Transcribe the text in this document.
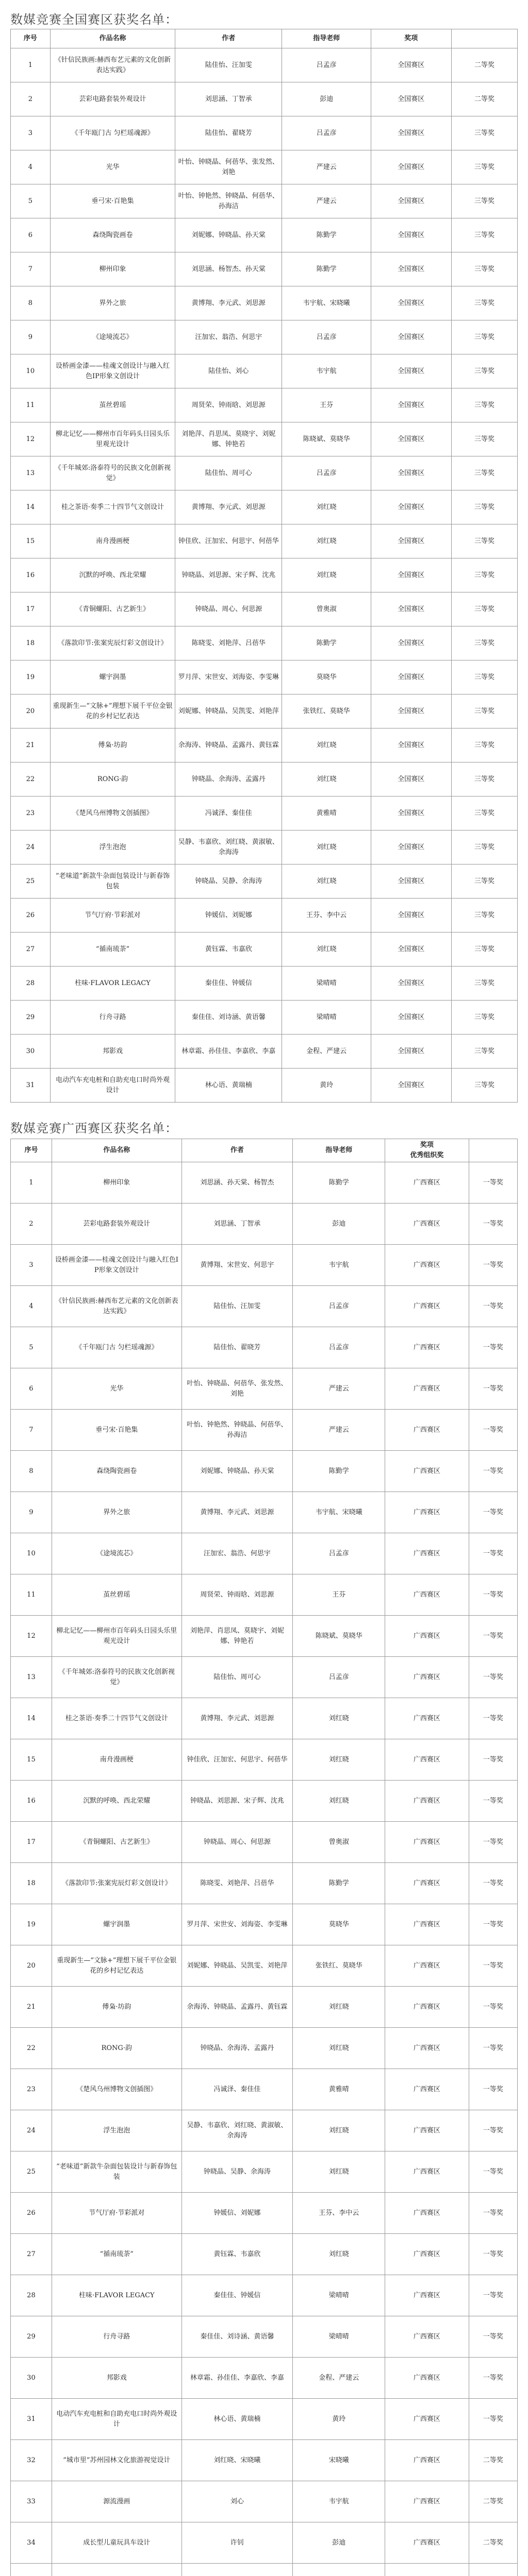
数媒竞赛全国赛区获奖名单：
序号	作品名称	作者	指导老师	奖项	
1	《针信民族画:赫西布艺元素的文化创新表达实践》	陆佳怡、汪加雯	吕孟彦	全国赛区	二等奖
2	芸彩电路套装外观设计	刘思涵、丁智承	彭迪	全国赛区	二等奖
3	《千年瓯门古 匀栏瑶魂源》	陆佳怡、翟晓芳	吕孟彦	全国赛区	三等奖
4	光华	叶怡、钟晓晶、何蓓华、张发然、刘艳	严建云	全国赛区	三等奖
5	垂弓宋·百艳集	叶怡、钟艳然、钟晓晶、何蓓华、孙海洁	严建云	全国赛区	三等奖
6	森绕陶瓷画卷	刘妮娜、钟晓晶、孙天棠	陈勤学	全国赛区	三等奖
7	柳州印象	刘思涵、杨智杰、孙天棠	陈勤学	全国赛区	三等奖
8	界外之旅	黄博翔、李元武、刘思源	韦宇航、宋晓曦	全国赛区	三等奖
9	《途境流芯》	汪加宏、翁浩、何思宇	吕孟彦	全国赛区	三等奖
10	设桥画金漆——桂魂文创设计与融入红色IP形象文创设计	陆佳怡、刘心	韦宇航	全国赛区	三等奖
11	茧丝碧瑶	周贤荣、钟雨晗、刘思源	王芬	全国赛区	三等奖
12	柳北记忆——柳州市百年码头日园头乐里观光设计	刘艳萍、肖思凤、莫晓宇、刘妮娜、钟艳若	陈晓斌、莫晓华	全国赛区	三等奖
13	《千年城郊:洛泰符号的民族文化创新视觉》	陆佳怡、周可心	吕孟彦	全国赛区	三等奖
14	桂之茶语·奏季二十四节气文创设计	黄博翔、李元武、刘思源	刘红晓	全国赛区	三等奖
15	南舟漫画梗	钟佳欣、汪加宏、何思宇、何蓓华	刘红晓	全国赛区	三等奖
16	沉默的呼唤、西北荣耀	钟晓晶、刘思源、宋子辉、沈兆	刘红晓	全国赛区	三等奖
17	《青铜螺阳、古艺新生》	钟晓晶、周心、何思源	曾奥淑	全国赛区	三等奖
18	《落款印节:张案宪辰灯彩文创设计》	陈晓雯、刘艳萍、吕蓓华	陈勤学	全国赛区	三等奖
19	螺宇润墨	罗月萍、宋世安、刘海姿、李雯琳	莫晓华	全国赛区	三等奖
20	重现新生—“文脉+”理想下展千平位金银花的乡村记忆表达	刘妮娜、钟晓晶、吴凯雯、刘艳萍	张铁红、莫晓华	全国赛区	三等奖
21	傅枭·坊韵	余海涛、钟晓晶、孟露丹、黄钰霖	刘红晓	全国赛区	三等奖
22	RONG·韵	钟晓晶、余海涛、孟露丹	刘红晓	全国赛区	三等奖
23	《楚风乌州博物文创插图》	冯诚泽、秦佳佳	黄雅晴	全国赛区	三等奖
24	浮生泡泡	吴静、韦嘉欣、刘红晓、黄淑敏、余海涛	刘红晓	全国赛区	三等奖
25	“老味道”新款牛杂面包装设计与新春饰包装	钟晓晶、吴静、余海涛	刘红晓	全国赛区	三等奖
26	节气厅府·节彩派对	钟媛信、刘妮娜	王芬、李中云	全国赛区	三等奖
27	“循南琉荼”	黄钰霖、韦嘉欣	刘红晓	全国赛区	三等奖
28	柱味·FLAVOR LEGACY	秦佳佳、钟媛信	梁晴晴	全国赛区	三等奖
29	行舟寻路	秦佳佳、刘诗涵、黄语馨	梁晴晴	全国赛区	三等奖
30	邦影戏	林章霜、孙佳佳、李嘉欣、李嘉	金程、严建云	全国赛区	三等奖
31	电动汽车充电桩和自助充电口时尚外观设计	林心语、黄瑞楠	黄玲	全国赛区	三等奖
数媒竞赛广西赛区获奖名单：
序号	作品名称	作者	指导老师	奖项
优秀组织奖	
1	柳州印象	刘思涵、孙天棠、杨智杰	陈勤学	广西赛区	一等奖
2	芸彩电路套装外观设计	刘思涵、丁智承	彭迪	广西赛区	一等奖
3	设桥画金漆——桂魂文创设计与融入红色IP形象文创设计	黄博翔、宋世安、何思宇	韦宇航	广西赛区	一等奖
4	《针信民族画:赫西布艺元素的文化创新表达实践》	陆佳怡、汪加雯	吕孟彦	广西赛区	一等奖
5	《千年瓯门古 匀栏瑶魂源》	陆佳怡、翟晓芳	吕孟彦	广西赛区	一等奖
6	光华	叶怡、钟晓晶、何蓓华、张发然、刘艳	严建云	广西赛区	一等奖
7	垂弓宋·百艳集	叶怡、钟艳然、钟晓晶、何蓓华、孙海洁	严建云	广西赛区	一等奖
8	森绕陶瓷画卷	刘妮娜、钟晓晶、孙天棠	陈勤学	广西赛区	一等奖
9	界外之旅	黄博翔、李元武、刘思源	韦宇航、宋晓曦	广西赛区	一等奖
10	《途境流芯》	汪加宏、翁浩、何思宇	吕孟彦	广西赛区	一等奖
11	茧丝碧瑶	周贤荣、钟雨晗、刘思源	王芬	广西赛区	一等奖
12	柳北记忆——柳州市百年码头日园头乐里观光设计	刘艳萍、肖思凤、莫晓宇、刘妮娜、钟艳若	陈晓斌、莫晓华	广西赛区	一等奖
13	《千年城郊:洛泰符号的民族文化创新视觉》	陆佳怡、周可心	吕孟彦	广西赛区	一等奖
14	桂之茶语·奏季二十四节气文创设计	黄博翔、李元武、刘思源	刘红晓	广西赛区	一等奖
15	南舟漫画梗	钟佳欣、汪加宏、何思宇、何蓓华	刘红晓	广西赛区	一等奖
16	沉默的呼唤、西北荣耀	钟晓晶、刘思源、宋子辉、沈兆	刘红晓	广西赛区	一等奖
17	《青铜螺阳、古艺新生》	钟晓晶、周心、何思源	曾奥淑	广西赛区	一等奖
18	《落款印节:张案宪辰灯彩文创设计》	陈晓雯、刘艳萍、吕蓓华	陈勤学	广西赛区	一等奖
19	螺宇润墨	罗月萍、宋世安、刘海姿、李雯琳	莫晓华	广西赛区	一等奖
20	重现新生—“文脉+”理想下展千平位金银花的乡村记忆表达	刘妮娜、钟晓晶、吴凯雯、刘艳萍	张铁红、莫晓华	广西赛区	一等奖
21	傅枭·坊韵	余海涛、钟晓晶、孟露丹、黄钰霖	刘红晓	广西赛区	一等奖
22	RONG·韵	钟晓晶、余海涛、孟露丹	刘红晓	广西赛区	一等奖
23	《楚风乌州博物文创插图》	冯诚泽、秦佳佳	黄雅晴	广西赛区	一等奖
24	浮生泡泡	吴静、韦嘉欣、刘红晓、黄淑敏、余海涛	刘红晓	广西赛区	一等奖
25	“老味道”新款牛杂面包装设计与新春饰包装	钟晓晶、吴静、余海涛	刘红晓	广西赛区	一等奖
26	节气厅府·节彩派对	钟媛信、刘妮娜	王芬、李中云	广西赛区	一等奖
27	“循南琉荼”	黄钰霖、韦嘉欣	刘红晓	广西赛区	一等奖
28	柱味·FLAVOR LEGACY	秦佳佳、钟媛信	梁晴晴	广西赛区	一等奖
29	行舟寻路	秦佳佳、刘诗涵、黄语馨	梁晴晴	广西赛区	一等奖
30	邦影戏	林章霜、孙佳佳、李嘉欣、李嘉	金程、严建云	广西赛区	一等奖
31	电动汽车充电桩和自助充电口时尚外观设计	林心语、黄瑞楠	黄玲	广西赛区	一等奖
32	“城市里”苏州园林文化旅游视觉设计	刘红晓、宋晓曦	宋晓曦	广西赛区	二等奖
33	源流漫画	刘心	韦宇航	广西赛区	二等奖
34	成长型儿童玩具车设计	许钊	彭迪	广西赛区	二等奖
